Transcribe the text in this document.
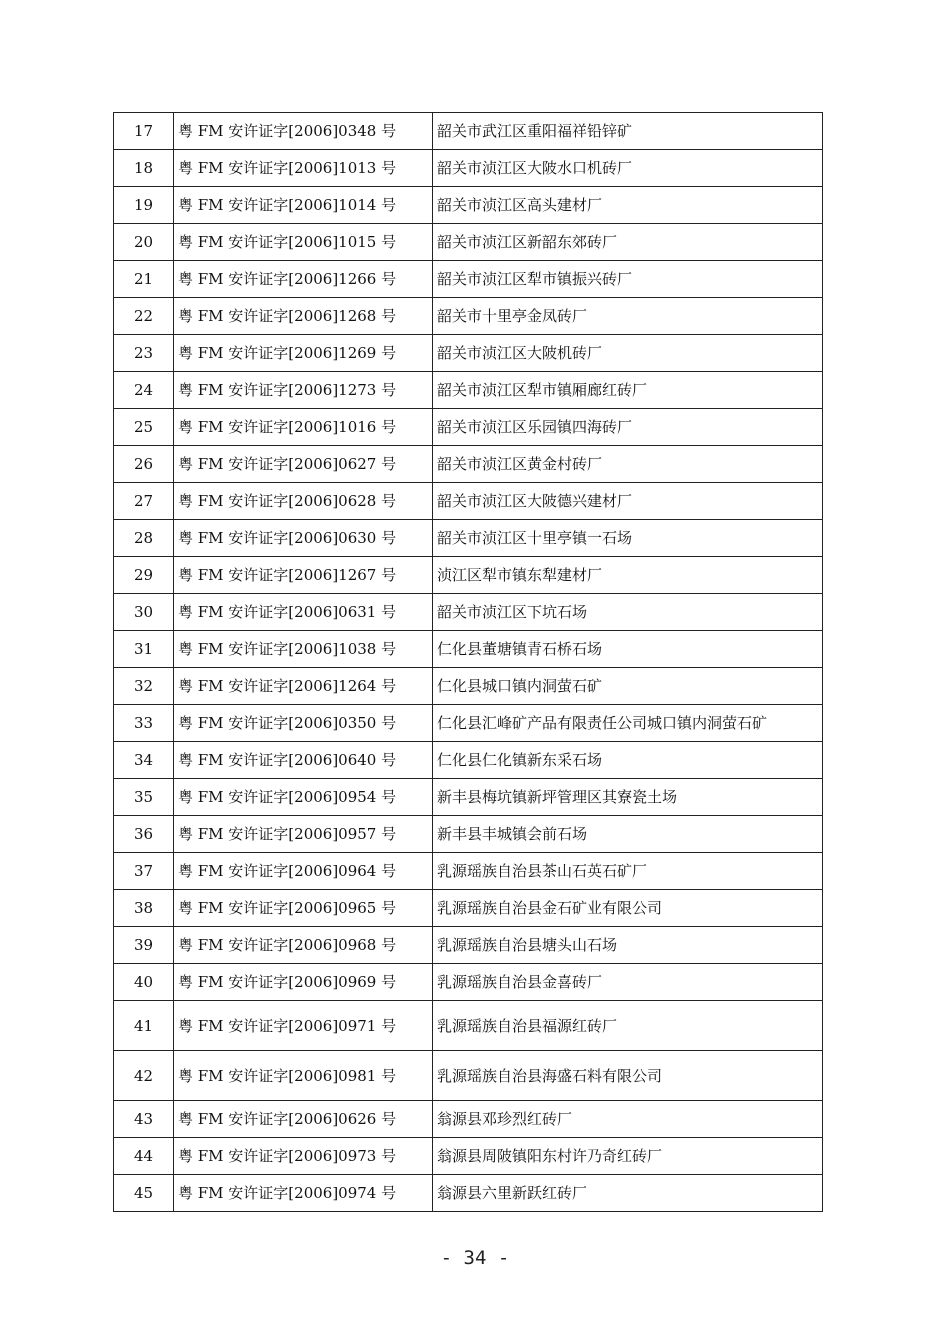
17	粤 FM 安许证字[2006]0348 号	韶关市武江区重阳福祥铅锌矿
18	粤 FM 安许证字[2006]1013 号	韶关市浈江区大陂水口机砖厂
19	粤 FM 安许证字[2006]1014 号	韶关市浈江区高头建材厂
20	粤 FM 安许证字[2006]1015 号	韶关市浈江区新韶东郊砖厂
21	粤 FM 安许证字[2006]1266 号	韶关市浈江区犁市镇振兴砖厂
22	粤 FM 安许证字[2006]1268 号	韶关市十里亭金凤砖厂
23	粤 FM 安许证字[2006]1269 号	韶关市浈江区大陂机砖厂
24	粤 FM 安许证字[2006]1273 号	韶关市浈江区犁市镇厢廊红砖厂
25	粤 FM 安许证字[2006]1016 号	韶关市浈江区乐园镇四海砖厂
26	粤 FM 安许证字[2006]0627 号	韶关市浈江区黄金村砖厂
27	粤 FM 安许证字[2006]0628 号	韶关市浈江区大陂德兴建材厂
28	粤 FM 安许证字[2006]0630 号	韶关市浈江区十里亭镇一石场
29	粤 FM 安许证字[2006]1267 号	浈江区犁市镇东犁建材厂
30	粤 FM 安许证字[2006]0631 号	韶关市浈江区下坑石场
31	粤 FM 安许证字[2006]1038 号	仁化县董塘镇青石桥石场
32	粤 FM 安许证字[2006]1264 号	仁化县城口镇内洞萤石矿
33	粤 FM 安许证字[2006]0350 号	仁化县汇峰矿产品有限责任公司城口镇内洞萤石矿
34	粤 FM 安许证字[2006]0640 号	仁化县仁化镇新东采石场
35	粤 FM 安许证字[2006]0954 号	新丰县梅坑镇新坪管理区其寮瓷土场
36	粤 FM 安许证字[2006]0957 号	新丰县丰城镇会前石场
37	粤 FM 安许证字[2006]0964 号	乳源瑶族自治县茶山石英石矿厂
38	粤 FM 安许证字[2006]0965 号	乳源瑶族自治县金石矿业有限公司
39	粤 FM 安许证字[2006]0968 号	乳源瑶族自治县塘头山石场
40	粤 FM 安许证字[2006]0969 号	乳源瑶族自治县金喜砖厂
41	粤 FM 安许证字[2006]0971 号	乳源瑶族自治县福源红砖厂
42	粤 FM 安许证字[2006]0981 号	乳源瑶族自治县海盛石料有限公司
43	粤 FM 安许证字[2006]0626 号	翁源县邓珍烈红砖厂
44	粤 FM 安许证字[2006]0973 号	翁源县周陂镇阳东村许乃奇红砖厂
45	粤 FM 安许证字[2006]0974 号	翁源县六里新跃红砖厂
- 34 -
